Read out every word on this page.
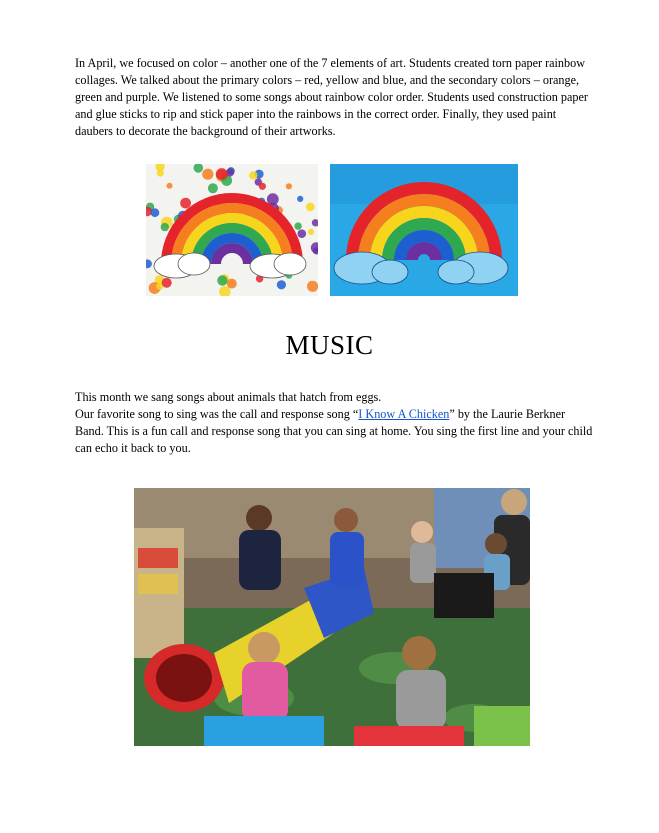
In April, we focused on color – another one of the 7 elements of art. Students created torn paper rainbow collages. We talked about the primary colors – red, yellow and blue, and the secondary colors – orange, green and purple. We listened to some songs about rainbow color order. Students used construction paper and glue sticks to rip and stick paper into the rainbows in the correct order. Finally, they used paint daubers to decorate the background of their artworks.
MUSIC
This month we sang songs about animals that hatch from eggs.
Our favorite song to sing was the call and response song “I Know A Chicken” by the Laurie Berkner Band. This is a fun call and response song that you can sing at home. You sing the first line and your child can echo it back to you.
